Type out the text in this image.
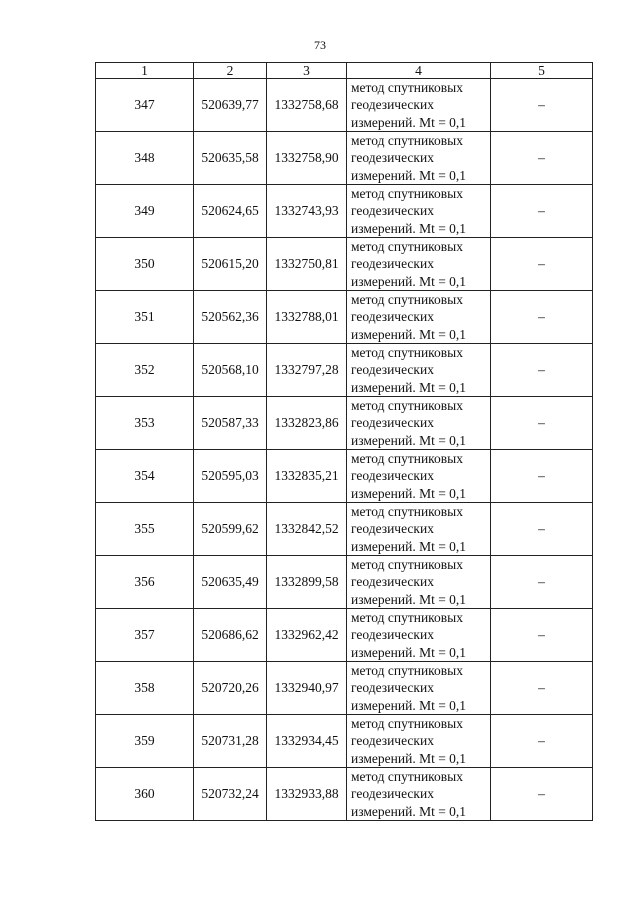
73
1	2	3	4	5
347	520639,77	1332758,68	метод спутниковых
геодезических
измерений. Mt = 0,1	–
348	520635,58	1332758,90	метод спутниковых
геодезических
измерений. Mt = 0,1	–
349	520624,65	1332743,93	метод спутниковых
геодезических
измерений. Mt = 0,1	–
350	520615,20	1332750,81	метод спутниковых
геодезических
измерений. Mt = 0,1	–
351	520562,36	1332788,01	метод спутниковых
геодезических
измерений. Mt = 0,1	–
352	520568,10	1332797,28	метод спутниковых
геодезических
измерений. Mt = 0,1	–
353	520587,33	1332823,86	метод спутниковых
геодезических
измерений. Mt = 0,1	–
354	520595,03	1332835,21	метод спутниковых
геодезических
измерений. Mt = 0,1	–
355	520599,62	1332842,52	метод спутниковых
геодезических
измерений. Mt = 0,1	–
356	520635,49	1332899,58	метод спутниковых
геодезических
измерений. Mt = 0,1	–
357	520686,62	1332962,42	метод спутниковых
геодезических
измерений. Mt = 0,1	–
358	520720,26	1332940,97	метод спутниковых
геодезических
измерений. Mt = 0,1	–
359	520731,28	1332934,45	метод спутниковых
геодезических
измерений. Mt = 0,1	–
360	520732,24	1332933,88	метод спутниковых
геодезических
измерений. Mt = 0,1	–
